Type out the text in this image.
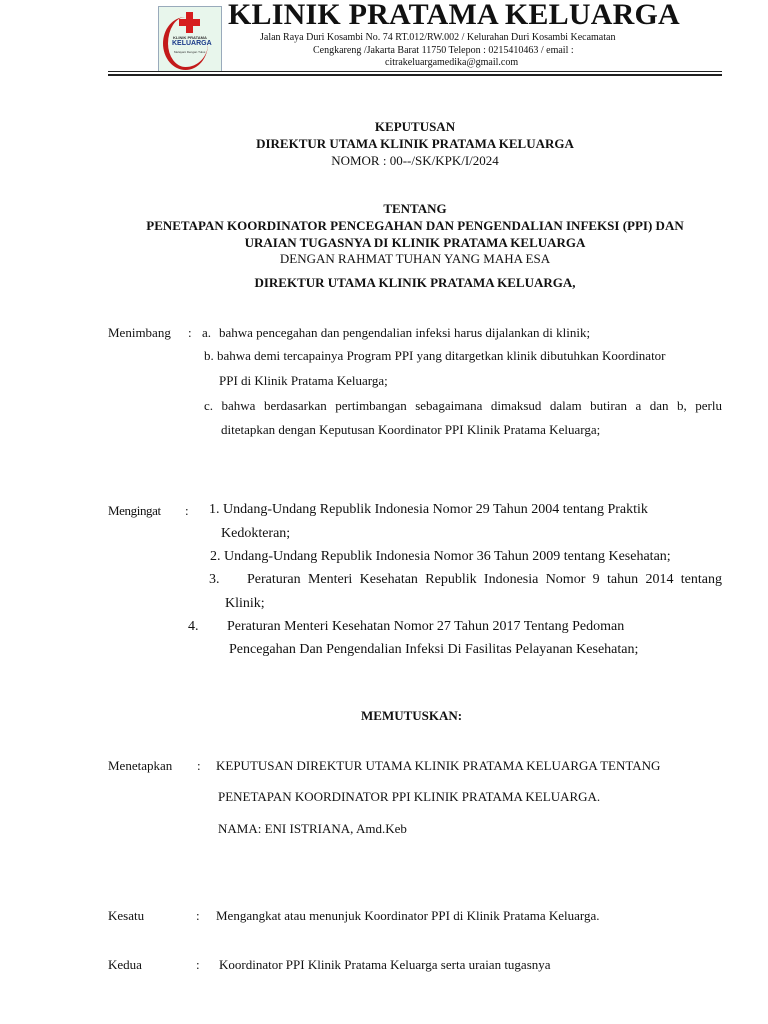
KLINIK PRATAMA
KELUARGA
Melayani Dengan Tulus
KLINIK PRATAMA KELUARGA
Jalan Raya Duri Kosambi No. 74 RT.012/RW.002 / Kelurahan Duri Kosambi Kecamatan
Cengkareng /Jakarta Barat 11750 Telepon : 0215410463 / email :
citrakeluargamedika@gmail.com
KEPUTUSAN
DIREKTUR UTAMA KLINIK PRATAMA KELUARGA
NOMOR : 00--/SK/KPK/I/2024
TENTANG
PENETAPAN KOORDINATOR PENCEGAHAN DAN PENGENDALIAN INFEKSI (PPI) DAN
URAIAN TUGASNYA DI KLINIK PRATAMA KELUARGA
DENGAN RAHMAT TUHAN YANG MAHA ESA
DIREKTUR UTAMA KLINIK PRATAMA KELUARGA,
Menimbang : a. bahwa pencegahan dan pengendalian infeksi harus dijalankan di klinik;
b. bahwa demi tercapainya Program PPI yang ditargetkan klinik dibutuhkan Koordinator
PPI di Klinik Pratama Keluarga;
c. bahwa berdasarkan pertimbangan sebagaimana dimaksud dalam butiran a dan b, perlu
ditetapkan dengan Keputusan Koordinator PPI Klinik Pratama Keluarga;
Mengingat : 1. Undang-Undang Republik Indonesia Nomor 29 Tahun 2004 tentang Praktik
Kedokteran;
2. Undang-Undang Republik Indonesia Nomor 36 Tahun 2009 tentang Kesehatan;
3. Peraturan Menteri Kesehatan Republik Indonesia Nomor 9 tahun 2014 tentang
Klinik;
4. Peraturan Menteri Kesehatan Nomor 27 Tahun 2017 Tentang Pedoman
Pencegahan Dan Pengendalian Infeksi Di Fasilitas Pelayanan Kesehatan;
MEMUTUSKAN:
Menetapkan : KEPUTUSAN DIREKTUR UTAMA KLINIK PRATAMA KELUARGA TENTANG
PENETAPAN KOORDINATOR PPI KLINIK PRATAMA KELUARGA.
NAMA: ENI ISTRIANA, Amd.Keb
Kesatu	: Mengangkat atau menunjuk Koordinator PPI di Klinik Pratama Keluarga.
Kedua	: Koordinator PPI Klinik Pratama Keluarga serta uraian tugasnya
